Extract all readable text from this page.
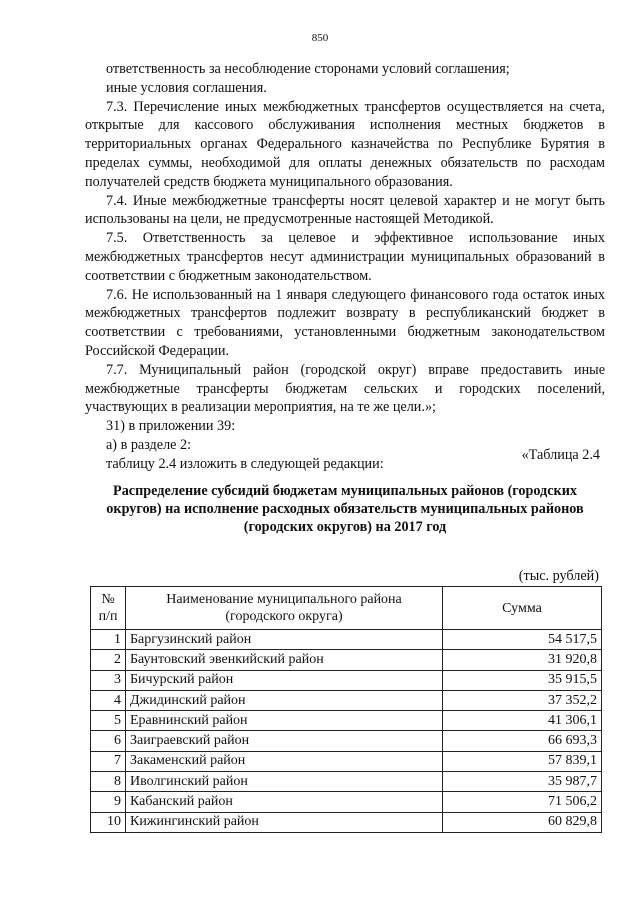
850

ответственность за несоблюдение сторонами условий соглашения;

иные условия соглашения.

7.3. Перечисление иных межбюджетных трансфертов осуществляется на счета, открытые для кассового обслуживания исполнения местных бюджетов в территориальных органах Федерального казначейства по Республике Бурятия в пределах суммы, необходимой для оплаты денежных обязательств по расходам получателей средств бюджета муниципального образования.

7.4. Иные межбюджетные трансферты носят целевой характер и не могут быть использованы на цели, не предусмотренные настоящей Методикой.

7.5. Ответственность за целевое и эффективное использование иных межбюджетных трансфертов несут администрации муниципальных образований в соответствии с бюджетным законодательством.

7.6. Не использованный на 1 января следующего финансового года остаток иных межбюджетных трансфертов подлежит возврату в республиканский бюджет в соответствии с требованиями, установленными бюджетным законодательством Российской Федерации.

7.7. Муниципальный район (городской округ) вправе предоставить иные межбюджетные трансферты бюджетам сельских и городских поселений, участвующих в реализации мероприятия, на те же цели.»;

31) в приложении 39:

а) в разделе 2:

таблицу 2.4 изложить в следующей редакции:

«Таблица 2.4
Распределение субсидий бюджетам муниципальных районов (городских округов) на исполнение расходных обязательств муниципальных районов (городских округов) на 2017 год
(тыс. рублей)
№ п/п	Наименование муниципального района (городского округа)	Сумма
1	Баргузинский район	54 517,5
2	Баунтовский эвенкийский район	31 920,8
3	Бичурский район	35 915,5
4	Джидинский район	37 352,2
5	Еравнинский район	41 306,1
6	Заиграевский район	66 693,3
7	Закаменский район	57 839,1
8	Иволгинский район	35 987,7
9	Кабанский район	71 506,2
10	Кижингинский район	60 829,8
